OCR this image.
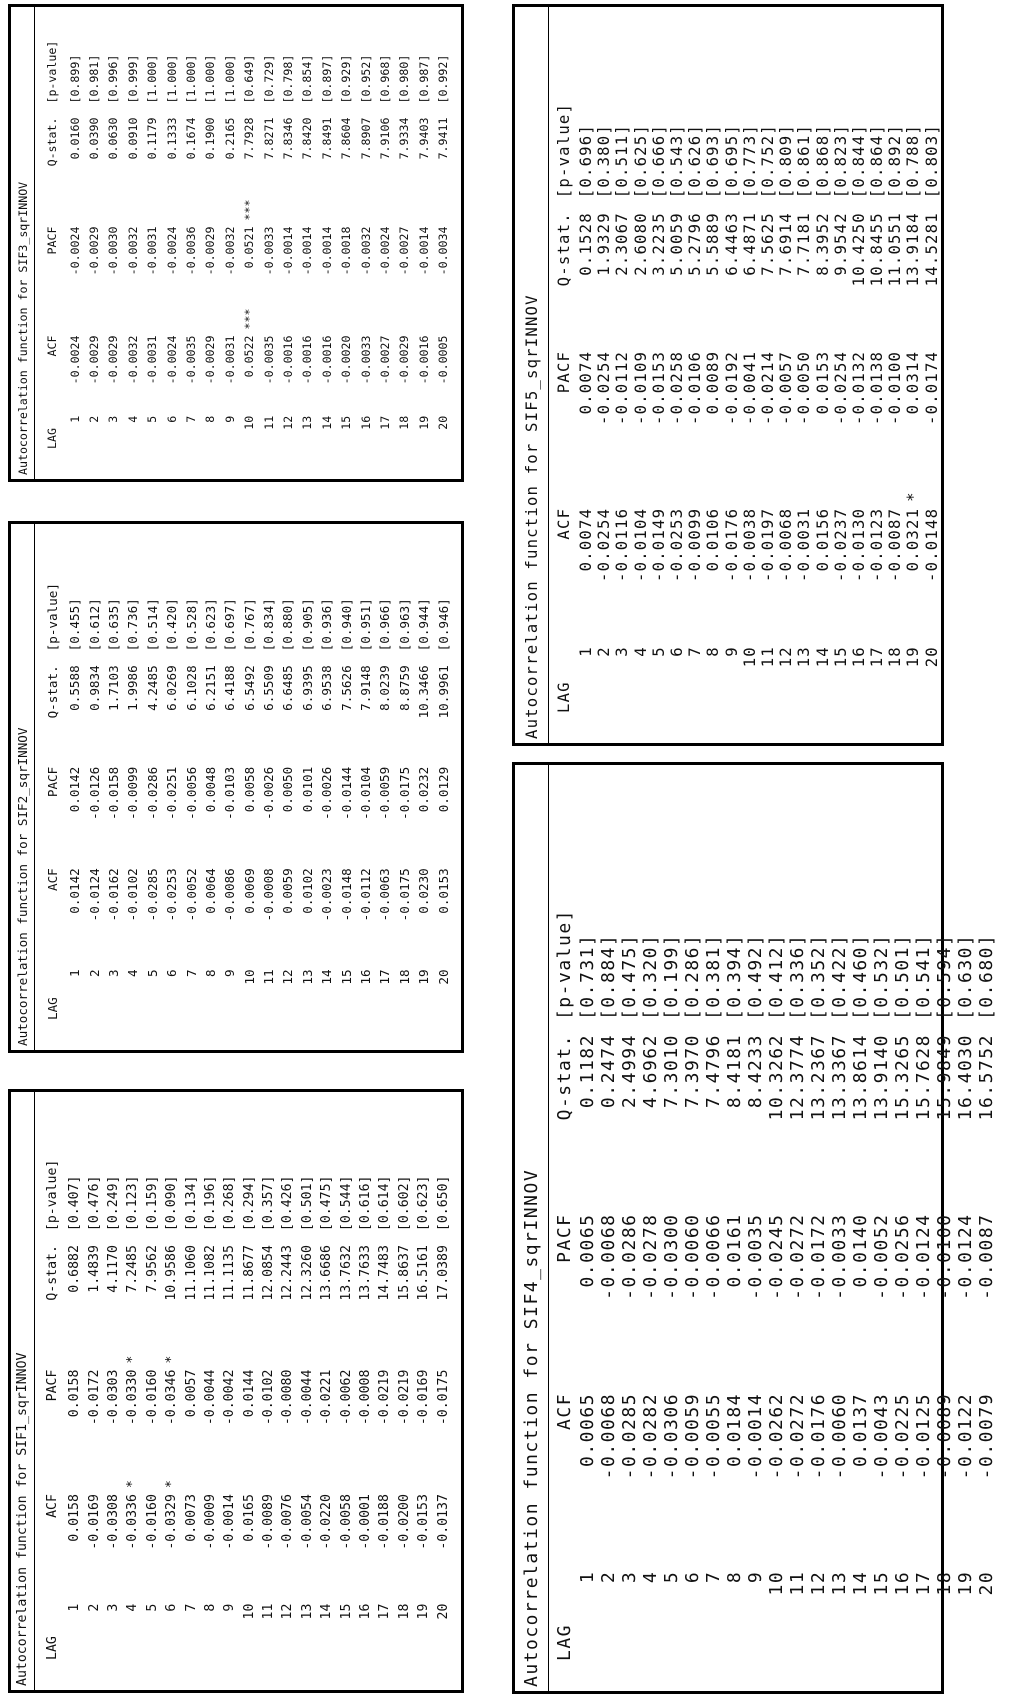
Autocorrelation function for SIF1_sqrINNOV	LAG	ACF		PACF		Q-stat.	[p-value]
1	0.0158		0.0158		0.6882	[0.407]
2	-0.0169		-0.0172		1.4839	[0.476]
3	-0.0308		-0.0303		4.1170	[0.249]
4	-0.0336	*	-0.0330	*	7.2485	[0.123]
5	-0.0160		-0.0160		7.9562	[0.159]
6	-0.0329	*	-0.0346	*	10.9586	[0.090]
7	0.0073		0.0057		11.1060	[0.134]
8	-0.0009		-0.0044		11.1082	[0.196]
9	-0.0014		-0.0042		11.1135	[0.268]
10	0.0165		0.0144		11.8677	[0.294]
11	-0.0089		-0.0102		12.0854	[0.357]
12	-0.0076		-0.0080		12.2443	[0.426]
13	-0.0054		-0.0044		12.3260	[0.501]
14	-0.0220		-0.0221		13.6686	[0.475]
15	-0.0058		-0.0062		13.7632	[0.544]
16	-0.0001		-0.0008		13.7633	[0.616]
17	-0.0188		-0.0219		14.7483	[0.614]
18	-0.0200		-0.0219		15.8637	[0.602]
19	-0.0153		-0.0169		16.5161	[0.623]
20	-0.0137		-0.0175		17.0389	[0.650]
Autocorrelation function for SIF2_sqrINNOV	LAG	ACF		PACF		Q-stat.	[p-value]
1	0.0142		0.0142		0.5588	[0.455]
2	-0.0124		-0.0126		0.9834	[0.612]
3	-0.0162		-0.0158		1.7103	[0.635]
4	-0.0102		-0.0099		1.9986	[0.736]
5	-0.0285		-0.0286		4.2485	[0.514]
6	-0.0253		-0.0251		6.0269	[0.420]
7	-0.0052		-0.0056		6.1028	[0.528]
8	0.0064		0.0048		6.2151	[0.623]
9	-0.0086		-0.0103		6.4188	[0.697]
10	0.0069		0.0058		6.5492	[0.767]
11	-0.0008		-0.0026		6.5509	[0.834]
12	0.0059		0.0050		6.6485	[0.880]
13	0.0102		0.0101		6.9395	[0.905]
14	-0.0023		-0.0026		6.9538	[0.936]
15	-0.0148		-0.0144		7.5626	[0.940]
16	-0.0112		-0.0104		7.9148	[0.951]
17	-0.0063		-0.0059		8.0239	[0.966]
18	-0.0175		-0.0175		8.8759	[0.963]
19	0.0230		0.0232		10.3466	[0.944]
20	0.0153		0.0129		10.9961	[0.946]
Autocorrelation function for SIF3_sqrINNOV	LAG	ACF		PACF		Q-stat.	[p-value]
1	-0.0024		-0.0024		0.0160	[0.899]
2	-0.0029		-0.0029		0.0390	[0.981]
3	-0.0029		-0.0030		0.0630	[0.996]
4	-0.0032		-0.0032		0.0910	[0.999]
5	-0.0031		-0.0031		0.1179	[1.000]
6	-0.0024		-0.0024		0.1333	[1.000]
7	-0.0035		-0.0036		0.1674	[1.000]
8	-0.0029		-0.0029		0.1900	[1.000]
9	-0.0031		-0.0032		0.2165	[1.000]
10	0.0522	***	0.0521	***	7.7928	[0.649]
11	-0.0035		-0.0033		7.8271	[0.729]
12	-0.0016		-0.0014		7.8346	[0.798]
13	-0.0016		-0.0014		7.8420	[0.854]
14	-0.0016		-0.0014		7.8491	[0.897]
15	-0.0020		-0.0018		7.8604	[0.929]
16	-0.0033		-0.0032		7.8907	[0.952]
17	-0.0027		-0.0024		7.9106	[0.968]
18	-0.0029		-0.0027		7.9334	[0.980]
19	-0.0016		-0.0014		7.9403	[0.987]
20	-0.0005		-0.0034		7.9411	[0.992]
Autocorrelation function for SIF4_sqrINNOV LAG	ACF		PACF		Q-stat.	[p-value]
1	0.0065		0.0065		0.1182	[0.731]
2	-0.0068		-0.0068		0.2474	[0.884]
3	-0.0285		-0.0286		2.4994	[0.475]
4	-0.0282		-0.0278		4.6962	[0.320]
5	-0.0306		-0.0300		7.3010	[0.199]
6	-0.0059		-0.0060		7.3970	[0.286]
7	-0.0055		-0.0066		7.4796	[0.381]
8	0.0184		0.0161		8.4181	[0.394]
9	-0.0014		-0.0035		8.4233	[0.492]
10	-0.0262		-0.0245		10.3262	[0.412]
11	-0.0272		-0.0272		12.3774	[0.336]
12	-0.0176		-0.0172		13.2367	[0.352]
13	-0.0060		-0.0033		13.3367	[0.422]
14	0.0137		0.0140		13.8614	[0.460]
15	-0.0043		-0.0052		13.9140	[0.532]
16	-0.0225		-0.0256		15.3265	[0.501]
17	-0.0125		-0.0124		15.7628	[0.541]
18	-0.0089		-0.0100		15.9849	[0.594]
19	-0.0122		-0.0124		16.4030	[0.630]
20	-0.0079		-0.0087		16.5752	[0.680]
Autocorrelation function for SIF5_sqrINNOV LAG	ACF		PACF		Q-stat.	[p-value]
1	0.0074		0.0074		0.1528	[0.696]
2	-0.0254		-0.0254		1.9329	[0.380]
3	-0.0116		-0.0112		2.3067	[0.511]
4	-0.0104		-0.0109		2.6080	[0.625]
5	-0.0149		-0.0153		3.2235	[0.666]
6	-0.0253		-0.0258		5.0059	[0.543]
7	-0.0099		-0.0106		5.2796	[0.626]
8	0.0106		0.0089		5.5889	[0.693]
9	-0.0176		-0.0192		6.4463	[0.695]
10	-0.0038		-0.0041		6.4871	[0.773]
11	-0.0197		-0.0214		7.5625	[0.752]
12	-0.0068		-0.0057		7.6914	[0.809]
13	-0.0031		-0.0050		7.7181	[0.861]
14	0.0156		0.0153		8.3952	[0.868]
15	-0.0237		-0.0254		9.9542	[0.823]
16	-0.0130		-0.0132		10.4250	[0.844]
17	-0.0123		-0.0138		10.8455	[0.864]
18	-0.0087		-0.0100		11.0551	[0.892]
19	0.0321	*	0.0314		13.9184	[0.788]
20	-0.0148		-0.0174		14.5281	[0.803]
